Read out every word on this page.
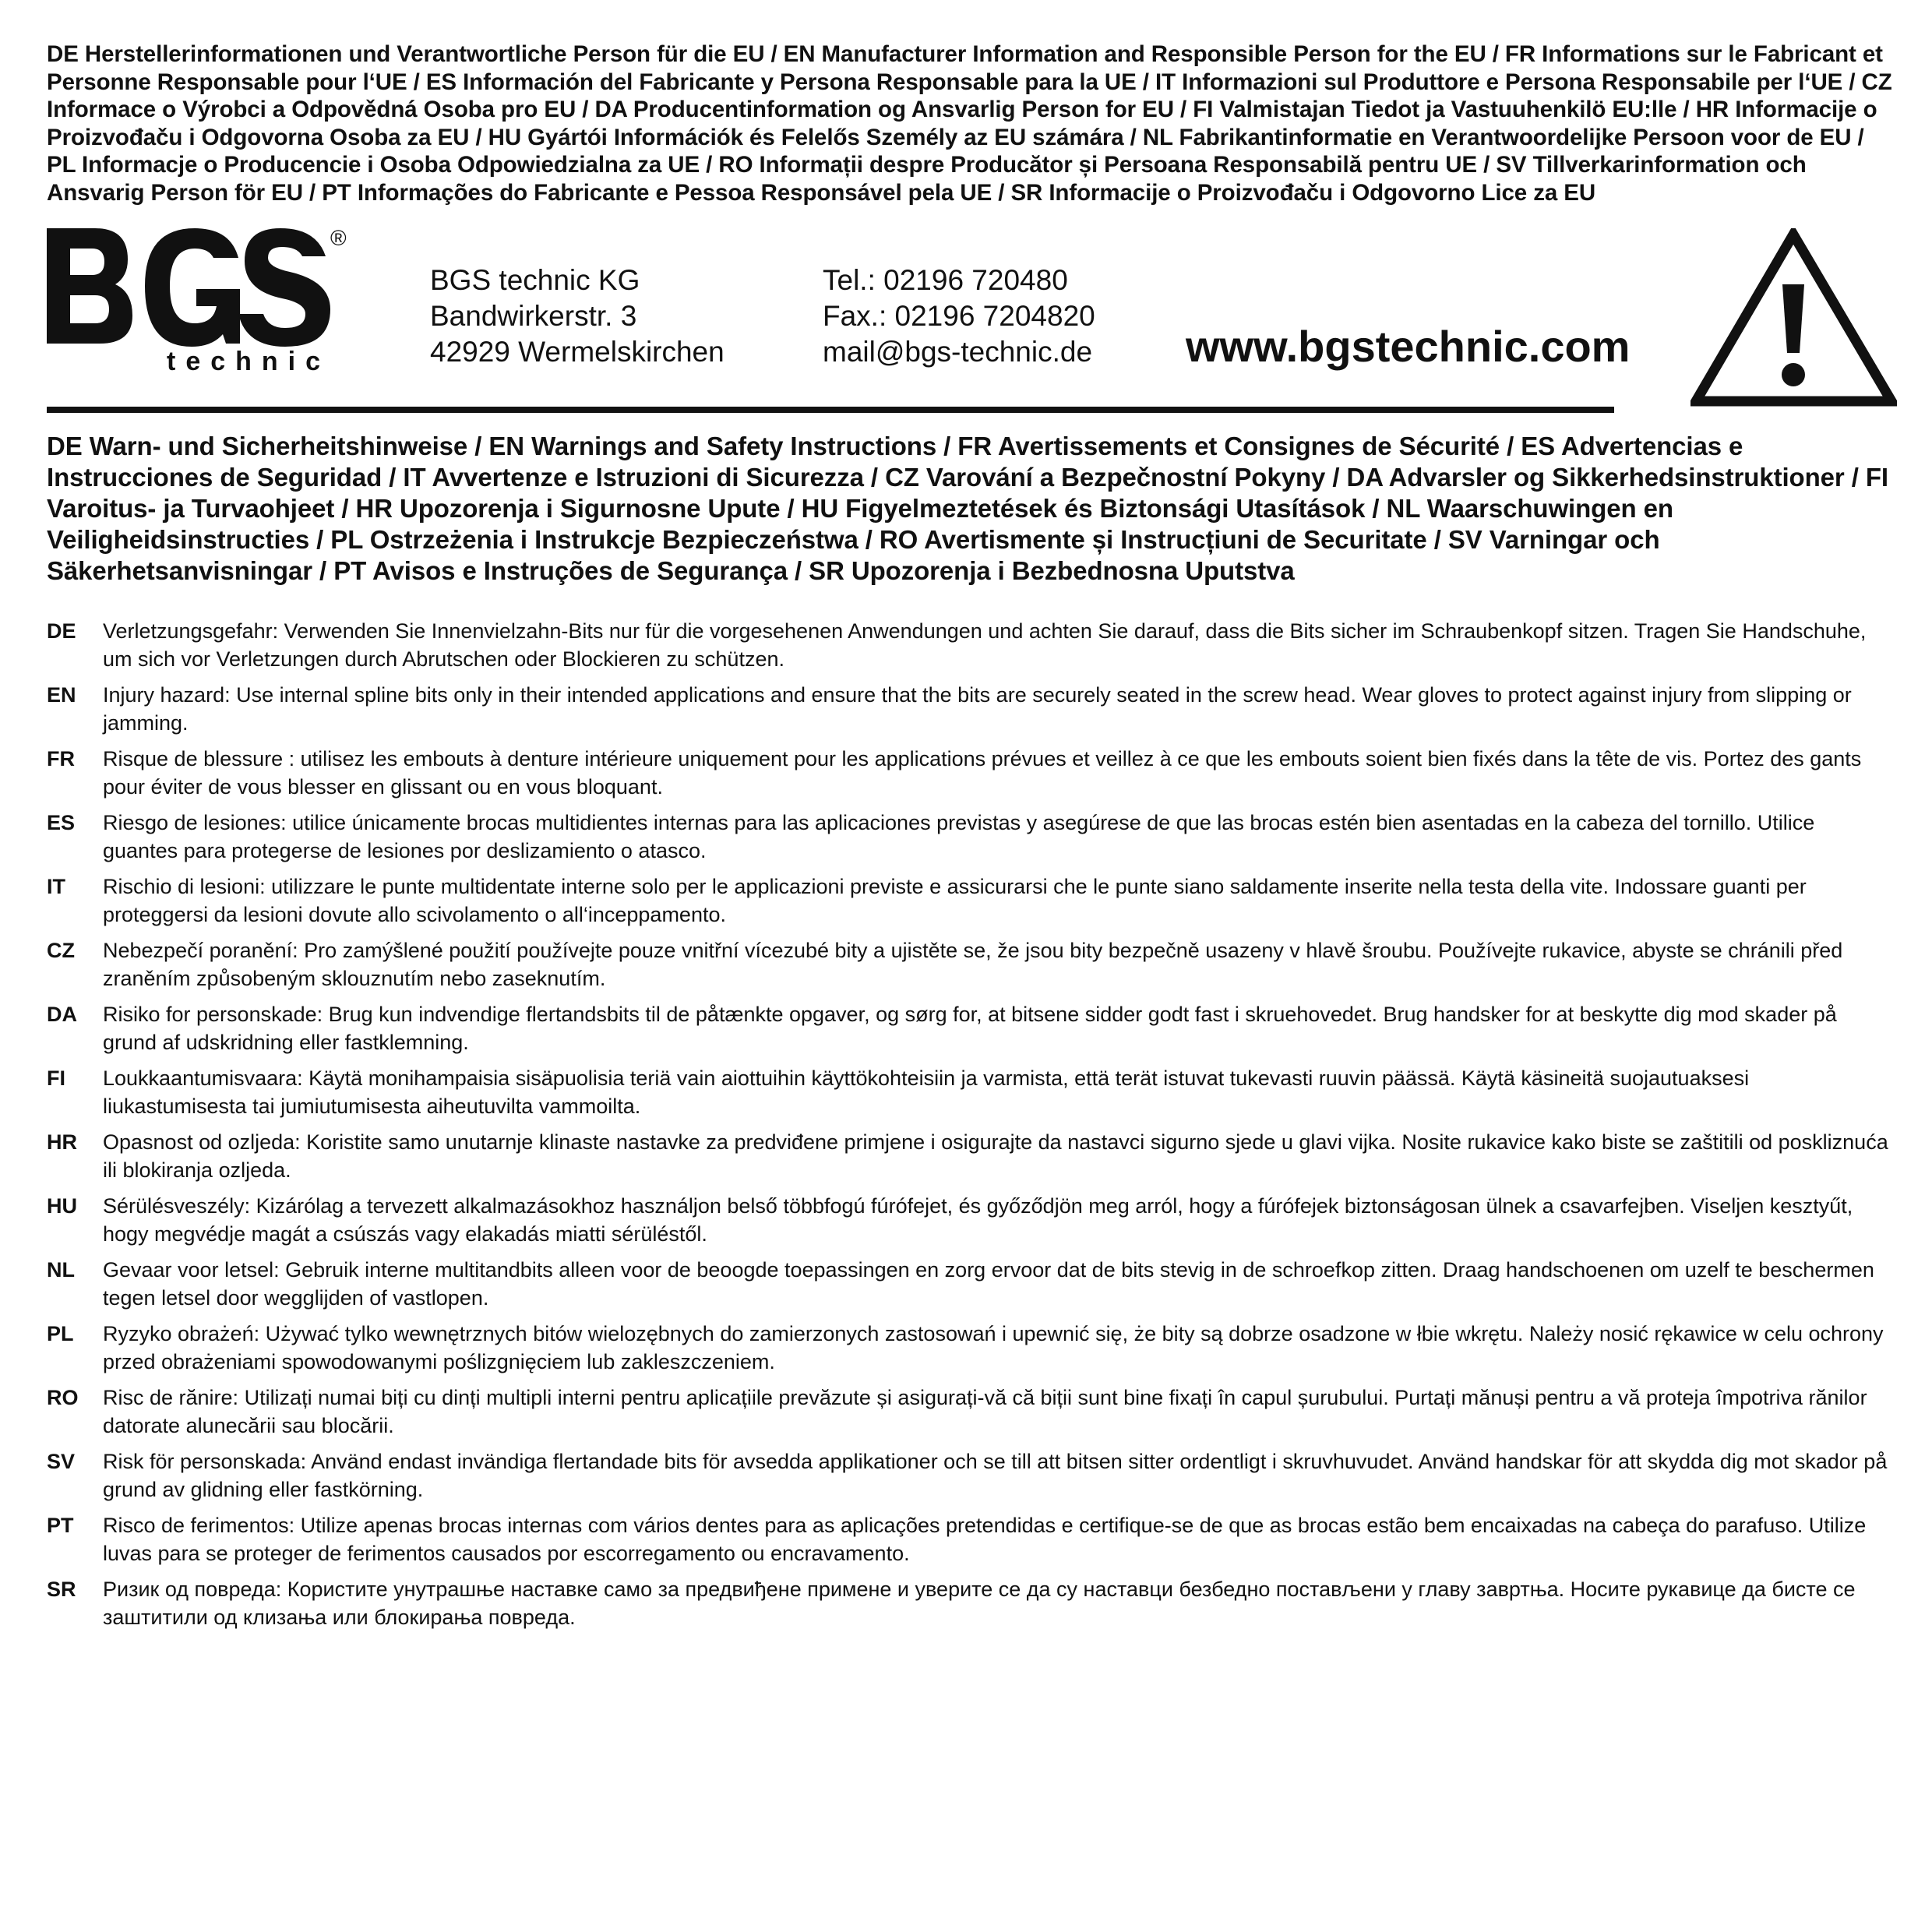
DE Herstellerinformationen und Verantwortliche Person für die EU / EN Manufacturer Information and Responsible Person for the EU / FR Informations sur le Fabricant et Personne Responsable pour l‘UE / ES Información del Fabricante y Persona Responsable para la UE / IT Informazioni sul Produttore e Persona Responsabile per l‘UE / CZ Informace o Výrobci a Odpovědná Osoba pro EU / DA Producentinformation og Ansvarlig Person for EU / FI Valmistajan Tiedot ja Vastuuhenkilö EU:lle / HR Informacije o Proizvođaču i Odgovorna Osoba za EU / HU Gyártói Információk és Felelős Személy az EU számára / NL Fabrikantinformatie en Verantwoordelijke Persoon voor de EU / PL Informacje o Producencie i Osoba Odpowiedzialna za UE / RO Informații despre Producător și Persoana Responsabilă pentru UE / SV Tillverkarinformation och Ansvarig Person för EU / PT Informações do Fabricante e Pessoa Responsável pela UE / SR Informacije o Proizvođaču i Odgovorno Lice za EU

technic
®
BGS technic KG
Bandwirkerstr. 3
42929 Wermelskirchen
Tel.: 02196 720480
Fax.: 02196 7204820
mail@bgs-technic.de www.bgstechnic.com

DE Warn- und Sicherheitshinweise / EN Warnings and Safety Instructions / FR Avertissements et Consignes de Sécurité / ES Advertencias e Instrucciones de Seguridad / IT Avvertenze e Istruzioni di Sicurezza / CZ Varování a Bezpečnostní Pokyny / DA Advarsler og Sikkerhedsinstruktioner / FI Varoitus- ja Turvaohjeet / HR Upozorenja i Sigurnosne Upute / HU Figyelmeztetések és Biztonsági Utasítások / NL Waarschuwingen en Veiligheidsinstructies / PL Ostrzeżenia i Instrukcje Bezpieczeństwa / RO Avertismente și Instrucțiuni de Securitate / SV Varningar och Säkerhetsanvisningar / PT Avisos e Instruções de Segurança / SR Upozorenja i Bezbednosna Uputstva

DE	Verletzungsgefahr: Verwenden Sie Innenvielzahn-Bits nur für die vorgesehenen Anwendungen und achten Sie darauf, dass die Bits sicher im Schraubenkopf sitzen. Tragen Sie Handschuhe, um sich vor Verletzungen durch Abrutschen oder Blockieren zu schützen.
EN	Injury hazard: Use internal spline bits only in their intended applications and ensure that the bits are securely seated in the screw head. Wear gloves to protect against injury from slipping or jamming.
FR	Risque de blessure : utilisez les embouts à denture intérieure uniquement pour les applications prévues et veillez à ce que les embouts soient bien fixés dans la tête de vis. Portez des gants pour éviter de vous blesser en glissant ou en vous bloquant.
ES	Riesgo de lesiones: utilice únicamente brocas multidientes internas para las aplicaciones previstas y asegúrese de que las brocas estén bien asentadas en la cabeza del tornillo. Utilice guantes para protegerse de lesiones por deslizamiento o atasco.
IT	Rischio di lesioni: utilizzare le punte multidentate interne solo per le applicazioni previste e assicurarsi che le punte siano saldamente inserite nella testa della vite. Indossare guanti per proteggersi da lesioni dovute allo scivolamento o all‘inceppamento.
CZ	Nebezpečí poranění: Pro zamýšlené použití používejte pouze vnitřní vícezubé bity a ujistěte se, že jsou bity bezpečně usazeny v hlavě šroubu. Používejte rukavice, abyste se chránili před zraněním způsobeným sklouznutím nebo zaseknutím.
DA	Risiko for personskade: Brug kun indvendige flertandsbits til de påtænkte opgaver, og sørg for, at bitsene sidder godt fast i skruehovedet. Brug handsker for at beskytte dig mod skader på grund af udskridning eller fastklemning.
FI	Loukkaantumisvaara: Käytä monihampaisia sisäpuolisia teriä vain aiottuihin käyttökohteisiin ja varmista, että terät istuvat tukevasti ruuvin päässä. Käytä käsineitä suojautuaksesi liukastumisesta tai jumiutumisesta aiheutuvilta vammoilta.
HR	Opasnost od ozljeda: Koristite samo unutarnje klinaste nastavke za predviđene primjene i osigurajte da nastavci sigurno sjede u glavi vijka. Nosite rukavice kako biste se zaštitili od poskliznuća ili blokiranja ozljeda.
HU	Sérülésveszély: Kizárólag a tervezett alkalmazásokhoz használjon belső többfogú fúrófejet, és győződjön meg arról, hogy a fúrófejek biztonságosan ülnek a csavarfejben. Viseljen kesztyűt, hogy megvédje magát a csúszás vagy elakadás miatti sérüléstől.
NL	Gevaar voor letsel: Gebruik interne multitandbits alleen voor de beoogde toepassingen en zorg ervoor dat de bits stevig in de schroefkop zitten. Draag handschoenen om uzelf te beschermen tegen letsel door wegglijden of vastlopen.
PL	Ryzyko obrażeń: Używać tylko wewnętrznych bitów wielozębnych do zamierzonych zastosowań i upewnić się, że bity są dobrze osadzone w łbie wkrętu. Należy nosić rękawice w celu ochrony przed obrażeniami spowodowanymi poślizgnięciem lub zakleszczeniem.
RO	Risc de rănire: Utilizați numai biți cu dinți multipli interni pentru aplicațiile prevăzute și asigurați-vă că biții sunt bine fixați în capul șurubului. Purtați mănuși pentru a vă proteja împotriva rănilor datorate alunecării sau blocării.
SV	Risk för personskada: Använd endast invändiga flertandade bits för avsedda applikationer och se till att bitsen sitter ordentligt i skruvhuvudet. Använd handskar för att skydda dig mot skador på grund av glidning eller fastkörning.
PT	Risco de ferimentos: Utilize apenas brocas internas com vários dentes para as aplicações pretendidas e certifique-se de que as brocas estão bem encaixadas na cabeça do parafuso. Utilize luvas para se proteger de ferimentos causados por escorregamento ou encravamento.
SR	Ризик од повреда: Користите унутрашње наставке само за предвиђене примене и уверите се да су наставци безбедно постављени у главу завртња. Носите рукавице да бисте се заштитили од клизања или блокирања повреда.
